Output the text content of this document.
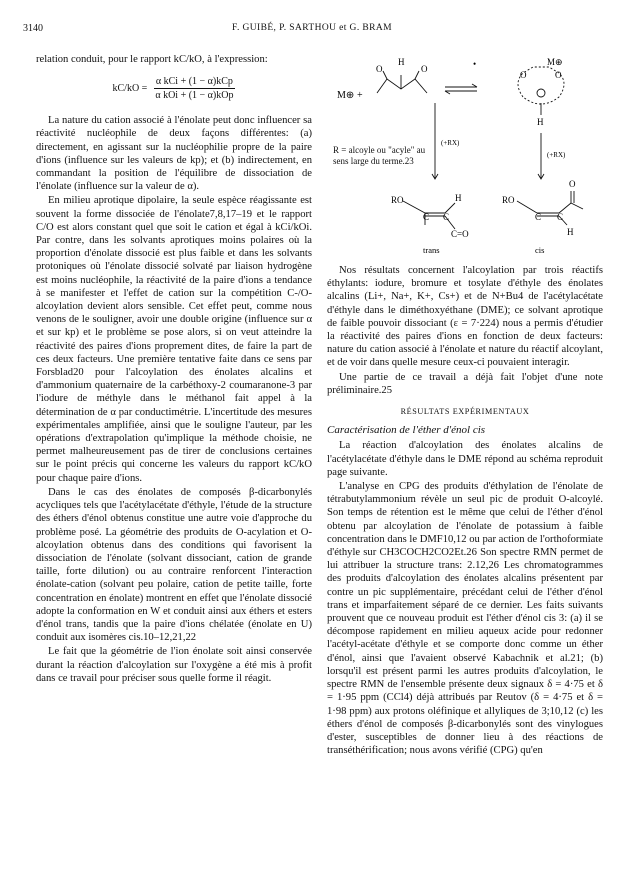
3140	F. GUIBÉ, P. SARTHOU et G. BRAM

relation conduit, pour le rapport kC/kO, à l'expression:

$kC/kO = \frac{\text{α kCi + (1 − α)kCp}}{\text{α kOi + (1 − α)kOp}}$

La nature du cation associé à l'énolate peut donc influencer sa réactivité nucléophile de deux façons différentes: (a) directement, en agissant sur la nucléophilie propre de la paire d'ions (influence sur les valeurs de kp); et (b) indirectement, en commandant la position de l'équilibre de dissociation de l'énolate (influence sur la valeur de α).

En milieu aprotique dipolaire, la seule espèce réagissante est souvent la forme dissociée de l'énolate7,8,17–19 et le rapport C/O est alors constant quel que soit le cation et égal à kCi/kOi. Par contre, dans les solvants aprotiques moins polaires où la proportion d'énolate dissocié est plus faible et dans les solvants protoniques où l'énolate dissocié solvaté par liaison hydrogène est moins nucléophile, la réactivité de la paire d'ions a tendance à se manifester et l'effet de cation sur la compétition C-/O-alcoylation devient alors sensible. Cet effet peut, comme nous venons de le souligner, avoir une double origine (influence sur α et sur kp) et le problème se pose alors, si on veut atteindre la réactivité des paires d'ions proprement dites, de faire la part de ces deux facteurs. Une première tentative faite dans ce sens par Forsblad20 pour l'alcoylation des énolates alcalins et d'ammonium quaternaire de la carbéthoxy-2 coumaranone-3 par l'iodure de méthyle dans le méthanol fait appel à la détermination de α par conductimétrie. L'incertitude des mesures expérimentales amplifiée, ainsi que le souligne l'auteur, par les opérations d'extrapolation qu'implique la méthode choisie, ne permet malheureusement pas de tirer de conclusions certaines sur le point précis qui concerne les valeurs du rapport kC/kO pour chaque paire d'ions.

Dans le cas des énolates de composés β-dicarbonylés acycliques tels que l'acétylacétate d'éthyle, l'étude de la structure des éthers d'énol obtenus constitue une autre voie d'approche du problème posé. La géométrie des produits de O-acylation et O-alcoylation obtenus dans des conditions qui favorisent la dissociation de l'énolate (solvant dissociant, cation de grande taille, forte dilution) ou au contraire renforcent l'interaction énolate-cation (solvant peu polaire, cation de petite taille, forte concentration en énolate) montrent en effet que l'énolate dissocié adopte la conformation en W et conduit ainsi aux éthers et esters d'énol trans, tandis que la paire d'ions chélatée (énolate en U) conduit aux isomères cis.10–12,21,22

Le fait que la géométrie de l'ion énolate soit ainsi conservée durant la réaction d'alcoylation sur l'oxygène a été mis à profit dans ce travail pour préciser sous quelle forme il réagit.

M⊕ +
H
O	O	•	M⊕
O	O
H
(+RX)
(+RX)
RO
C C
H
C=O
trans
RO
C C
O
H
cis
R = alcoyle ou "acyle" au sens large du terme.23

Nos résultats concernent l'alcoylation par trois réactifs éthylants: iodure, bromure et tosylate d'éthyle des énolates alcalins (Li+, Na+, K+, Cs+) et de N+Bu4 de l'acétylacétate d'éthyle dans le diméthoxyéthane (DME); ce solvant aprotique de faible pouvoir dissociant (ε = 7·224) nous a permis d'étudier la réactivité des paires d'ions en fonction de deux facteurs: nature du cation associé à l'énolate et nature du réactif alcoylant, et de voir dans quelle mesure ceux-ci pouvaient interagir.

Une partie de ce travail a déjà fait l'objet d'une note préliminaire.25

RÉSULTATS EXPÉRIMENTAUX
Caractérisation de l'éther d'énol cis

La réaction d'alcoylation des énolates alcalins de l'acétylacétate d'éthyle dans le DME répond au schéma reproduit page suivante.

L'analyse en CPG des produits d'éthylation de l'énolate de tétrabutylammonium révèle un seul pic de produit O-alcoylé. Son temps de rétention est le même que celui de l'éther d'énol obtenu par alcoylation de l'énolate de potassium à faible concentration dans le DMF10,12 ou par action de l'orthoformiate d'éthyle sur CH3COCH2CO2Et.26 Son spectre RMN permet de lui attribuer la structure trans: 2.12,26 Les chromatogrammes des produits d'alcoylation des énolates alcalins présentent par contre un pic supplémentaire, précédant celui de l'éther d'énol trans et imparfaitement séparé de ce dernier. Les faits suivants prouvent que ce nouveau produit est l'éther d'énol cis 3: (a) il se décompose rapidement en milieu aqueux acide pour redonner l'acétyl-acétate d'éthyle et se comporte donc comme un éther d'énol, ainsi que l'avaient observé Kabachnik et al.21; (b) lorsqu'il est présent parmi les autres produits d'alcoylation, le spectre RMN de l'ensemble présente deux signaux δ = 4·75 et δ = 1·95 ppm (CCl4) déjà attribués par Reutov (δ = 4·75 et δ = 1·98 ppm) aux protons oléfinique et allyliques de 3;10,12 (c) les éthers d'énol de composés β-dicarbonylés sont des vinylogues d'ester, susceptibles de donner lieu à des réactions de transéthérification; nous avons vérifié (CPG) qu'en
